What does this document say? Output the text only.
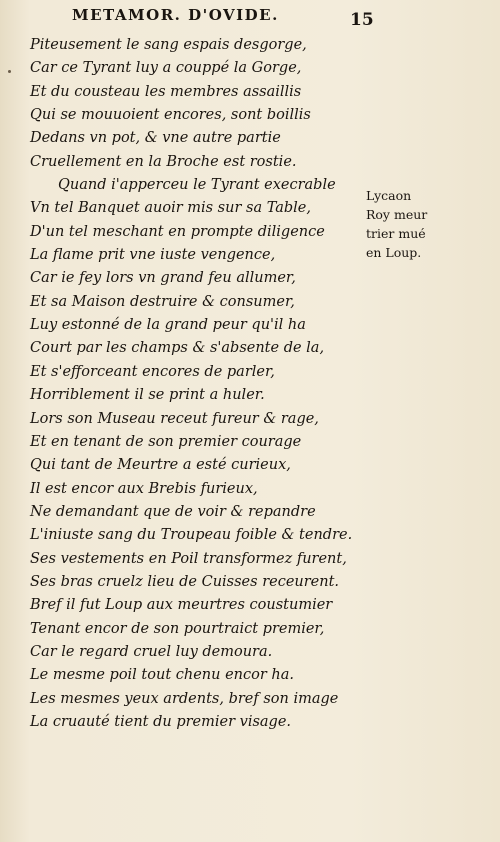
METAMOR. D'OVIDE.	15
Piteusement le sang espais desgorge,
Car ce Tyrant luy a couppé la Gorge,
Et du cousteau les membres assaillis
Qui se mouuoient encores, sont boillis
Dedans vn pot, & vne autre partie
Cruellement en la Broche est rostie.
Quand i'apperceu le Tyrant execrable
Vn tel Banquet auoir mis sur sa Table,
D'un tel meschant en prompte diligence
La flame prit vne iuste vengence,
Car ie fey lors vn grand feu allumer,
Et sa Maison destruire & consumer,
Luy estonné de la grand peur qu'il ha
Court par les champs & s'absente de la,
Et s'efforceant encores de parler,
Horriblement il se print a huler.
Lors son Museau receut fureur & rage,
Et en tenant de son premier courage
Qui tant de Meurtre a esté curieux,
Il est encor aux Brebis furieux,
Ne demandant que de voir & repandre
L'iniuste sang du Troupeau foible & tendre.
Ses vestements en Poil transformez furent,
Ses bras cruelz lieu de Cuisses receurent.
Bref il fut Loup aux meurtres coustumier
Tenant encor de son pourtraict premier,
Car le regard cruel luy demoura.
Le mesme poil tout chenu encor ha.
Les mesmes yeux ardents, bref son image
La cruauté tient du premier visage.
Lycaon
Roy meur
trier mué
en Loup.
